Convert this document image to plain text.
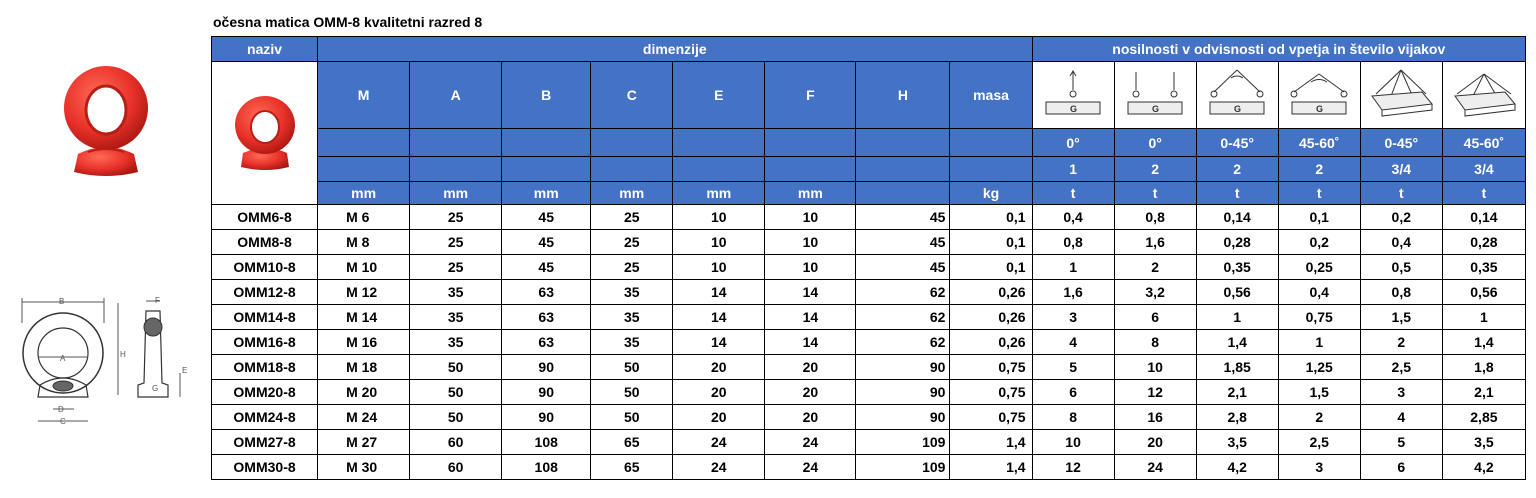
očesna matica OMM-8 kvalitetni razred 8
B
A
D
C
H
F
G
E
naziv	dimenzije								nosilnosti v odvisnosti od vpetja in število vijakov					

	M	A	B	C	E	F	H	masa	G	G	G	G

									0°	0°	0-45°	45-60˚	0-45°	45-60˚
									1	2	2	2	3/4	3/4
	mm	mm	mm	mm	mm	mm		kg	t	t	t	t	t	t
OMM6-8	M 6	25	45	25	10	10	45	0,1	0,4	0,8	0,14	0,1	0,2	0,14
OMM8-8	M 8	25	45	25	10	10	45	0,1	0,8	1,6	0,28	0,2	0,4	0,28
OMM10-8	M 10	25	45	25	10	10	45	0,1	1	2	0,35	0,25	0,5	0,35
OMM12-8	M 12	35	63	35	14	14	62	0,26	1,6	3,2	0,56	0,4	0,8	0,56
OMM14-8	M 14	35	63	35	14	14	62	0,26	3	6	1	0,75	1,5	1
OMM16-8	M 16	35	63	35	14	14	62	0,26	4	8	1,4	1	2	1,4
OMM18-8	M 18	50	90	50	20	20	90	0,75	5	10	1,85	1,25	2,5	1,8
OMM20-8	M 20	50	90	50	20	20	90	0,75	6	12	2,1	1,5	3	2,1
OMM24-8	M 24	50	90	50	20	20	90	0,75	8	16	2,8	2	4	2,85
OMM27-8	M 27	60	108	65	24	24	109	1,4	10	20	3,5	2,5	5	3,5
OMM30-8	M 30	60	108	65	24	24	109	1,4	12	24	4,2	3	6	4,2
